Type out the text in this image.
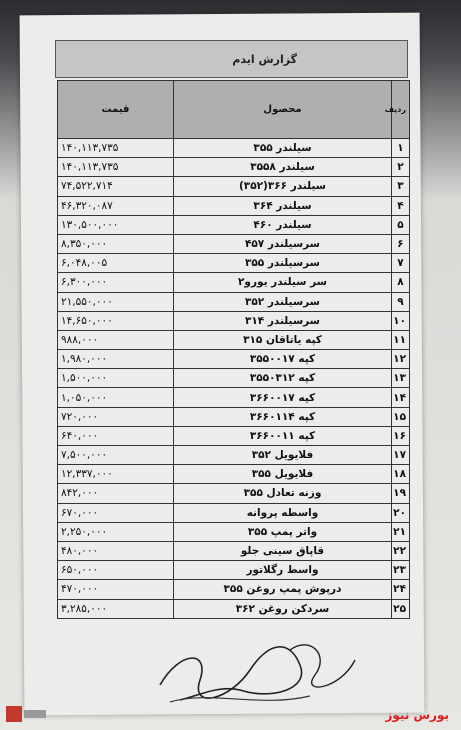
گزارش ایدم
ردیف	محصول	قیمت
۱	سیلندر ۳۵۵	۱۴۰,۱۱۳,۷۳۵
۲	سیلندر ۳۵۵۸	۱۴۰,۱۱۳,۷۳۵
۳	سیلندر ۳۶۶(۳۵۲)	۷۴,۵۲۲,۷۱۴
۴	سیلندر ۳۶۴	۴۶,۳۲۰,۰۸۷
۵	سیلندر ۴۶۰	۱۳۰,۵۰۰,۰۰۰
۶	سرسیلندر ۴۵۷	۸,۳۵۰,۰۰۰
۷	سرسیلندر ۳۵۵	۶,۰۴۸,۰۰۵
۸	سر سیلندر یورو۲	۶,۳۰۰,۰۰۰
۹	سرسیلندر ۳۵۲	۲۱,۵۵۰,۰۰۰
۱۰	سرسیلندر ۳۱۴	۱۴,۶۵۰,۰۰۰
۱۱	کپه یاتاقان ۳۱۵	۹۸۸,۰۰۰
۱۲	کپه ۳۵۵۰۰۱۷	۱,۹۸۰,۰۰۰
۱۳	کپه ۳۵۵۰۳۱۲	۱,۵۰۰,۰۰۰
۱۴	کپه ۳۶۶۰۰۱۷	۱,۰۵۰,۰۰۰
۱۵	کپه ۳۶۶۰۱۱۴	۷۲۰,۰۰۰
۱۶	کپه ۳۶۶۰۰۱۱	۶۴۰,۰۰۰
۱۷	فلایویل ۳۵۲	۷,۵۰۰,۰۰۰
۱۸	فلایویل ۳۵۵	۱۲,۳۳۷,۰۰۰
۱۹	وزنه تعادل ۳۵۵	۸۴۲,۰۰۰
۲۰	واسطه پروانه	۶۷۰,۰۰۰
۲۱	واتر پمپ ۳۵۵	۲,۲۵۰,۰۰۰
۲۲	قاپاق سینی جلو	۴۸۰,۰۰۰
۲۳	واسط رگلاتور	۶۵۰,۰۰۰
۲۴	درپوش پمپ روغن ۳۵۵	۴۷۰,۰۰۰
۲۵	سردکن روغن ۳۶۲	۳,۲۸۵,۰۰۰
بورس نیوز
